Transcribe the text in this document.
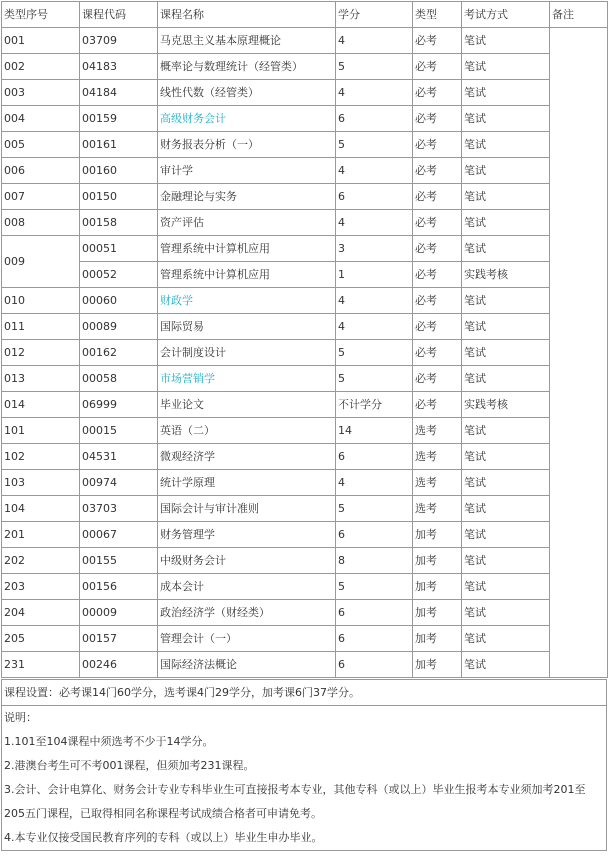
类型序号	课程代码	课程名称	学分	类型	考试方式	备注
001	03709	马克思主义基本原理概论	4	必考	笔试	
002	04183	概率论与数理统计（经管类）	5	必考	笔试	
003	04184	线性代数（经管类）	4	必考	笔试	
004	00159	高级财务会计	6	必考	笔试	
005	00161	财务报表分析（一）	5	必考	笔试	
006	00160	审计学	4	必考	笔试	
007	00150	金融理论与实务	6	必考	笔试	
008	00158	资产评估	4	必考	笔试	
009	00051	管理系统中计算机应用	3	必考	笔试	
	00052	管理系统中计算机应用	1	必考	实践考核	
010	00060	财政学	4	必考	笔试	
011	00089	国际贸易	4	必考	笔试	
012	00162	会计制度设计	5	必考	笔试	
013	00058	市场营销学	5	必考	笔试	
014	06999	毕业论文	不计学分	必考	实践考核	
101	00015	英语（二）	14	选考	笔试	
102	04531	微观经济学	6	选考	笔试	
103	00974	统计学原理	4	选考	笔试	
104	03703	国际会计与审计准则	5	选考	笔试	
201	00067	财务管理学	6	加考	笔试	
202	00155	中级财务会计	8	加考	笔试	
203	00156	成本会计	5	加考	笔试	
204	00009	政治经济学（财经类）	6	加考	笔试	
205	00157	管理会计（一）	6	加考	笔试	
231	00246	国际经济法概论	6	加考	笔试	
课程设置：必考课14门60学分，选考课4门29学分，加考课6门37学分。

说明：
1.101至104课程中须选考不少于14学分。
2.港澳台考生可不考001课程，但须加考231课程。
3.会计、会计电算化、财务会计专业专科毕业生可直接报考本专业，其他专科（或以上）毕业生报考本专业须加考201至205五门课程，已取得相同名称课程考试成绩合格者可申请免考。
4.本专业仅接受国民教育序列的专科（或以上）毕业生申办毕业。
